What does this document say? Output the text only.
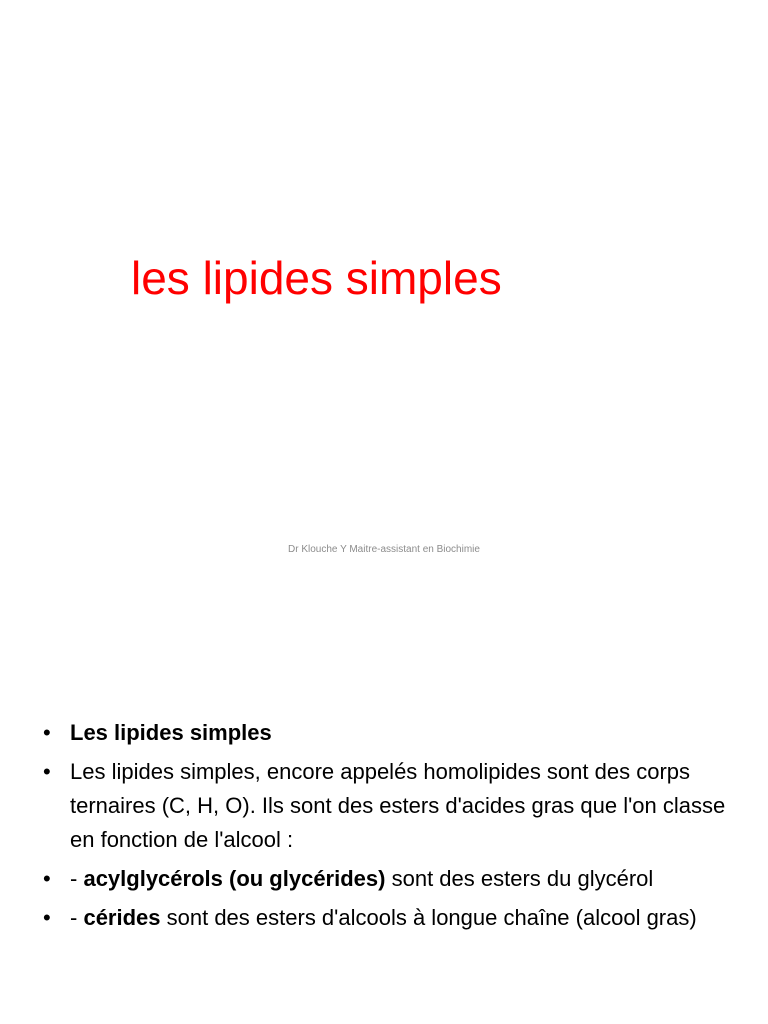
les lipides simples
Dr Klouche Y Maitre-assistant en Biochimie
• Les lipides simples
• Les lipides simples, encore appelés homolipides sont des corps ternaires (C, H, O). Ils sont des esters d'acides gras que l'on classe en fonction de l'alcool :
• - acylglycérols (ou glycérides) sont des esters du glycérol
• - cérides sont des esters d'alcools à longue chaîne (alcool gras)
